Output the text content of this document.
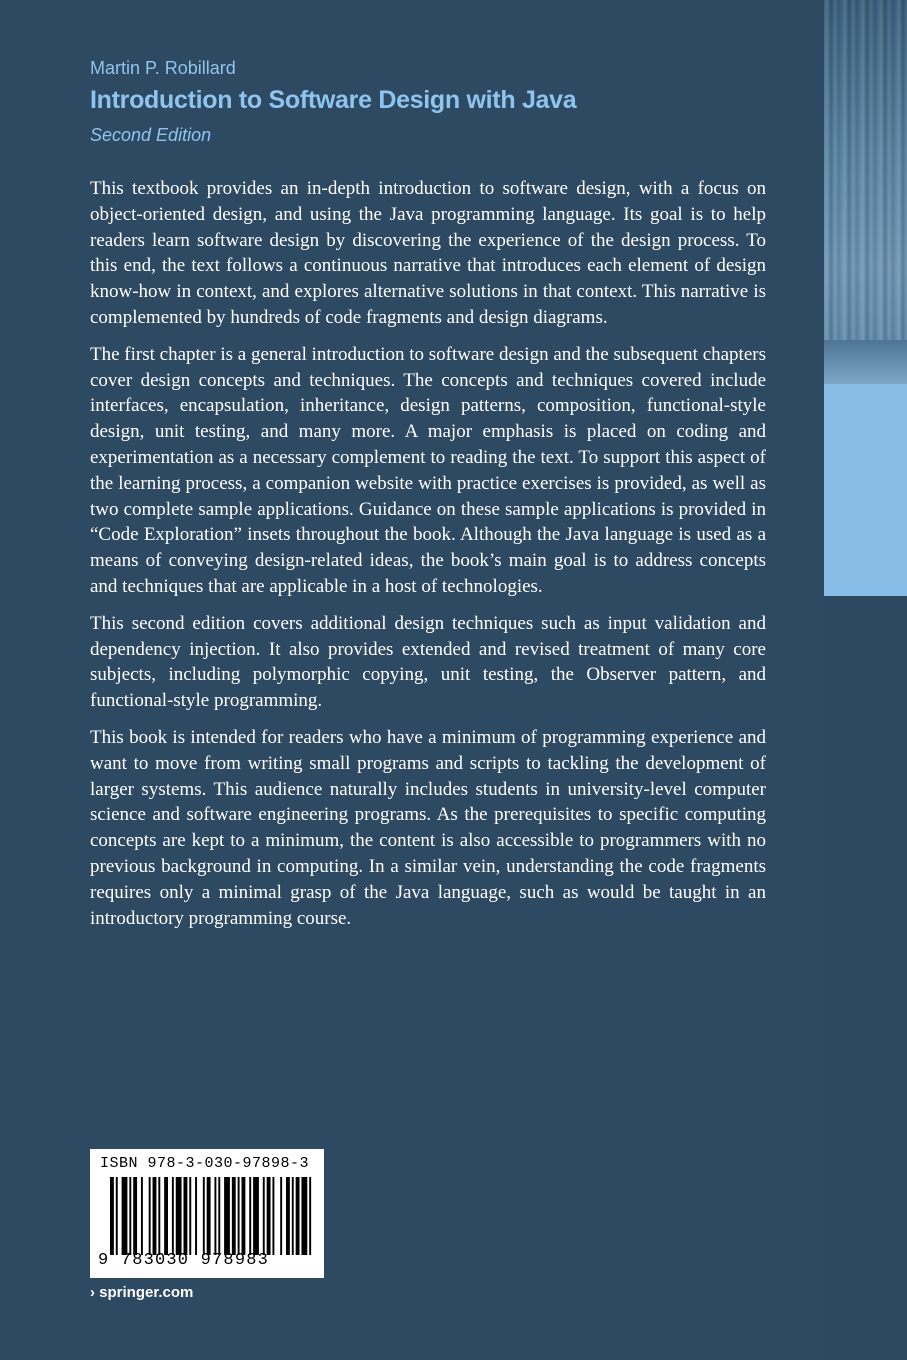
Martin P. Robillard
Introduction to Software Design with Java
Second Edition

This textbook provides an in-depth introduction to software design, with a focus on object-oriented design, and using the Java programming language. Its goal is to help readers learn software design by discovering the experience of the design process. To this end, the text follows a continuous narrative that introduces each element of design know-how in context, and explores alternative solutions in that context. This narrative is complemented by hundreds of code fragments and design diagrams.

The first chapter is a general introduction to software design and the subsequent chapters cover design concepts and techniques. The concepts and techniques covered include interfaces, encapsulation, inheritance, design patterns, composition, functional-style design, unit testing, and many more. A major emphasis is placed on coding and experimentation as a necessary complement to reading the text. To support this aspect of the learning process, a companion website with practice exercises is provided, as well as two complete sample applications. Guidance on these sample applications is provided in “Code Exploration” insets throughout the book. Although the Java language is used as a means of conveying design-related ideas, the book’s main goal is to address concepts and techniques that are applicable in a host of technologies.

This second edition covers additional design techniques such as input validation and dependency injection. It also provides extended and revised treatment of many core subjects, including polymorphic copying, unit testing, the Observer pattern, and functional-style programming.

This book is intended for readers who have a minimum of programming experience and want to move from writing small programs and scripts to tackling the development of larger systems. This audience naturally includes students in university-level computer science and software engineering programs. As the prerequisites to specific computing concepts are kept to a minimum, the content is also accessible to programmers with no previous background in computing. In a similar vein, understanding the code fragments requires only a minimal grasp of the Java language, such as would be taught in an introductory programming course.

ISBN 978-3-030-97898-3
9 783030 978983
› springer.com
